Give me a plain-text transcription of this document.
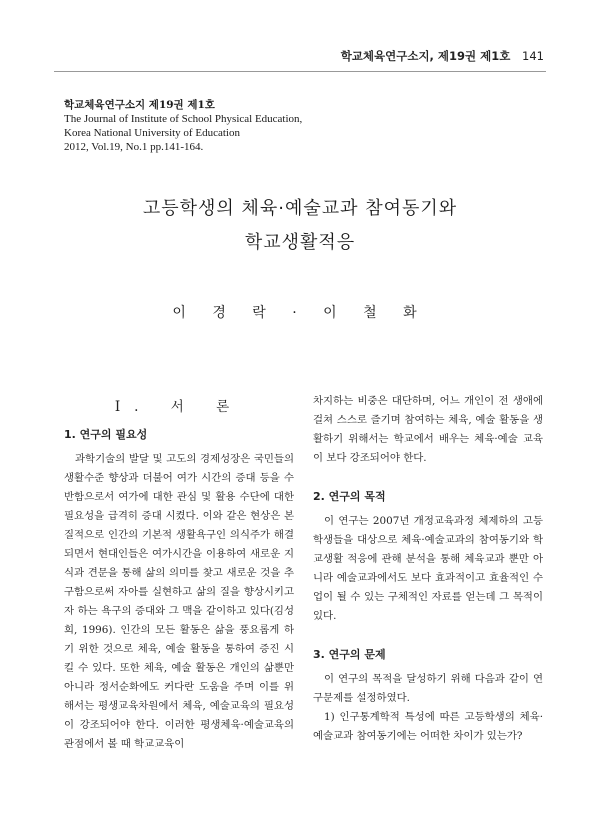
학교체육연구소지, 제19권 제1호 141
학교체육연구소지 제19권 제1호
The Journal of Institute of School Physical Education,
Korea National University of Education
2012, Vol.19, No.1 pp.141-164.
고등학생의 체육·예술교과 참여동기와
학교생활적응
이 경 락 · 이 철 화
I. 서 론
1. 연구의 필요성

과학기술의 발달 및 고도의 경제성장은 국민들의 생활수준 향상과 더불어 여가 시간의 증대 등을 수반함으로서 여가에 대한 관심 및 활용 수단에 대한 필요성을 급격히 증대 시켰다. 이와 같은 현상은 본질적으로 인간의 기본적 생활욕구인 의식주가 해결되면서 현대인들은 여가시간을 이용하여 새로운 지식과 견문을 통해 삶의 의미를 찾고 새로운 것을 추구함으로써 자아를 실현하고 삶의 질을 향상시키고자 하는 욕구의 증대와 그 맥을 같이하고 있다(김성희, 1996). 인간의 모든 활동은 삶을 풍요롭게 하기 위한 것으로 체육, 예술 활동을 통하여 증진 시킬 수 있다. 또한 체육, 예술 활동은 개인의 삶뿐만 아니라 정서순화에도 커다란 도움을 주며 이를 위해서는 평생교육차원에서 체육, 예술교육의 필요성이 강조되어야 한다. 이러한 평생체육·예술교육의 관점에서 볼 때 학교교육이

차지하는 비중은 대단하며, 어느 개인이 전 생애에 걸쳐 스스로 즐기며 참여하는 체육, 예술 활동을 생활하기 위해서는 학교에서 배우는 체육·예술 교육이 보다 강조되어야 한다.

2. 연구의 목적

이 연구는 2007년 개정교육과정 체제하의 고등학생들을 대상으로 체육·예술교과의 참여동기와 학교생활 적응에 관해 분석을 통해 체육교과 뿐만 아니라 예술교과에서도 보다 효과적이고 효율적인 수업이 될 수 있는 구체적인 자료를 얻는데 그 목적이 있다.

3. 연구의 문제

이 연구의 목적을 달성하기 위해 다음과 같이 연구문제를 설정하였다.

1) 인구통계학적 특성에 따른 고등학생의 체육·예술교과 참여동기에는 어떠한 차이가 있는가?
